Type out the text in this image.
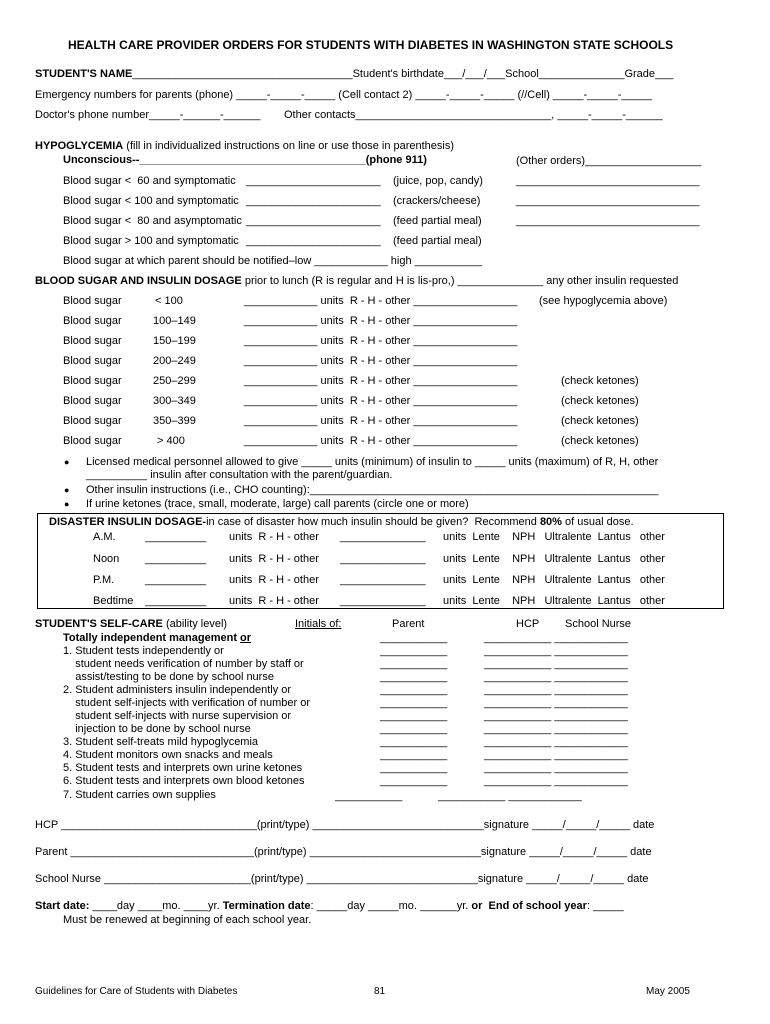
HEALTH CARE PROVIDER ORDERS FOR STUDENTS WITH DIABETES IN WASHINGTON STATE SCHOOLS
STUDENT'S NAME____________________________________Student's birthdate___/___/___School______________Grade___
Emergency numbers for parents (phone) _____-_____-_____ (Cell contact 2) _____-_____-_____ (//Cell) _____-_____-_____
Doctor's phone number_____-______-______ Other contacts________________________________, _____-_____-______
HYPOGLYCEMIA (fill in individualized instructions on line or use those in parenthesis)
Unconscious--_____________________________________(phone 911)	(Other orders)___________________
Blood sugar <  60 and symptomatic ______________________ (juice, pop, candy)	______________________________
Blood sugar < 100 and symptomatic ______________________ (crackers/cheese)	______________________________
Blood sugar <  80 and asymptomatic ______________________ (feed partial meal)	______________________________
Blood sugar > 100 and symptomatic ______________________ (feed partial meal)
Blood sugar at which parent should be notified–low ____________ high ___________
BLOOD SUGAR AND INSULIN DOSAGE prior to lunch (R is regular and H is lis-pro,) ______________ any other insulin requested
Blood sugar	< 100	____________ units  R - H - other _________________ (see hypoglycemia above)
Blood sugar	100–149	____________ units  R - H - other _________________
Blood sugar	150–199	____________ units  R - H - other _________________
Blood sugar	200–249	____________ units  R - H - other _________________
Blood sugar	250–299	____________ units  R - H - other _________________	(check ketones)
Blood sugar	300–349	____________ units  R - H - other _________________	(check ketones)
Blood sugar	350–399	____________ units  R - H - other _________________	(check ketones)
Blood sugar	> 400	____________ units  R - H - other _________________	(check ketones)
● Licensed medical personnel allowed to give _____ units (minimum) of insulin to _____ units (maximum) of R, H, other
__________ insulin after consultation with the parent/guardian.
● Other insulin instructions (i.e., CHO counting):_________________________________________________________
● If urine ketones (trace, small, moderate, large) call parents (circle one or more)
DISASTER INSULIN DOSAGE-in case of disaster how much insulin should be given?  Recommend 80% of usual dose.
A.M.	__________ units  R - H - other ______________ units  Lente    NPH   Ultralente  Lantus   other
Noon __________ units  R - H - other ______________ units  Lente    NPH   Ultralente  Lantus   other
P.M.	__________ units  R - H - other ______________ units  Lente    NPH   Ultralente  Lantus   other
Bedtime __________ units  R - H - other ______________ units  Lente    NPH   Ultralente  Lantus   other
STUDENT'S SELF-CARE (ability level)	Initials of:	Parent	HCP School Nurse
Totally independent management or	___________	___________ ____________
1. Student tests independently or	___________	___________ ____________
student needs verification of number by staff or	___________	___________ ____________
assist/testing to be done by school nurse	___________	___________ ____________
2. Student administers insulin independently or	___________	___________ ____________
student self-injects with verification of number or	___________	___________ ____________
student self-injects with nurse supervision or	___________	___________ ____________
injection to be done by school nurse	___________	___________ ____________
3. Student self-treats mild hypoglycemia	___________	___________ ____________
4. Student monitors own snacks and meals	___________	___________ ____________
5. Student tests and interprets own urine ketones	___________	___________ ____________
6. Student tests and interprets own blood ketones	___________	___________ ____________
7. Student carries own supplies	___________	___________ ____________
HCP ________________________________(print/type) ____________________________signature _____/_____/_____ date
Parent ______________________________(print/type) ____________________________signature _____/_____/_____ date
School Nurse ________________________(print/type) ____________________________signature _____/_____/_____ date
Start date: ____day ____mo. ____yr. Termination date: _____day _____mo. ______yr. or  End of school year: _____
Must be renewed at beginning of each school year.
Guidelines for Care of Students with Diabetes	81	May 2005
